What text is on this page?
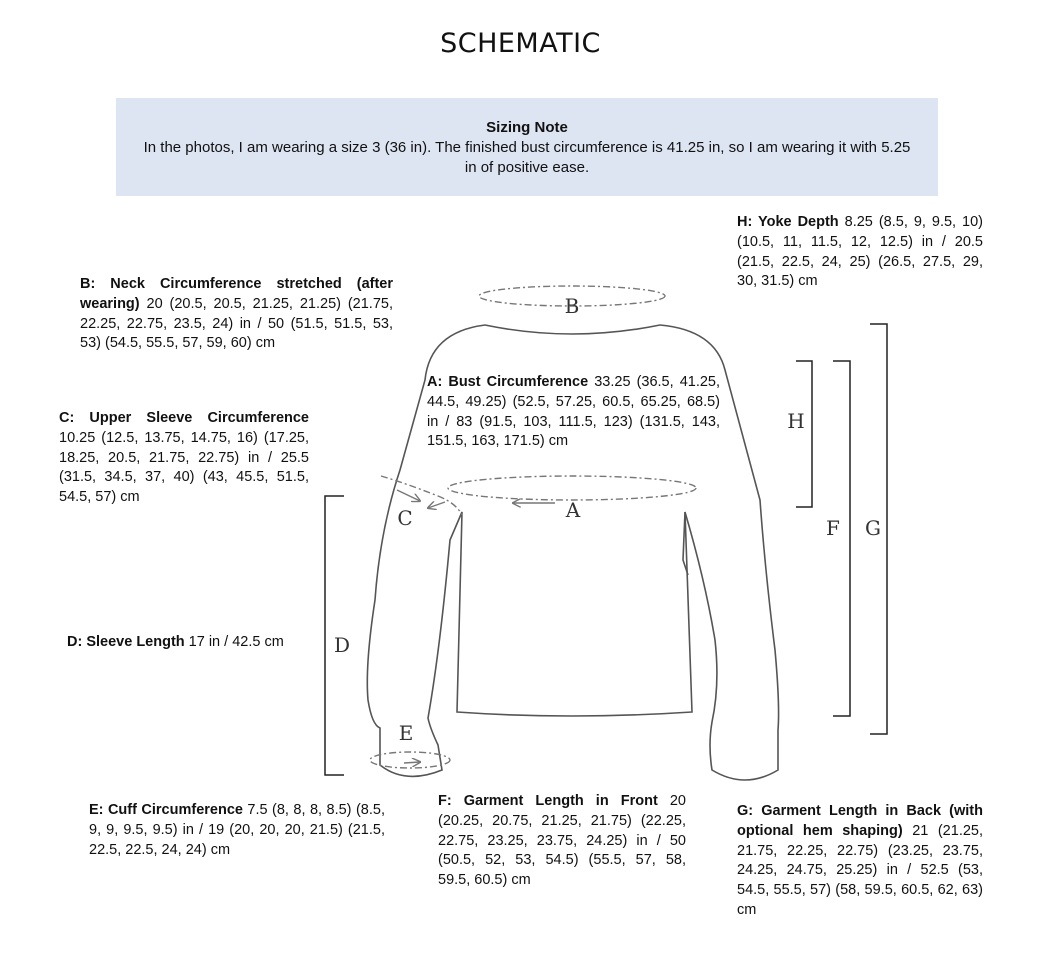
SCHEMATIC
Sizing Note
In the photos, I am wearing a size 3 (36 in). The finished bust circumference is 41.25 in, so I am wearing it with 5.25 in of positive ease.
B
A
C
D
E
H
F G
B: Neck Circumference stretched (after wearing) 20 (20.5, 20.5, 21.25, 21.25) (21.75, 22.25, 22.75, 23.5, 24) in / 50 (51.5, 51.5, 53, 53) (54.5, 55.5, 57, 59, 60) cm
C: Upper Sleeve Circumference 10.25 (12.5, 13.75, 14.75, 16) (17.25, 18.25, 20.5, 21.75, 22.75) in / 25.5 (31.5, 34.5, 37, 40) (43, 45.5, 51.5, 54.5, 57) cm
D: Sleeve Length 17 in / 42.5 cm
A: Bust Circumference 33.25 (36.5, 41.25, 44.5, 49.25) (52.5, 57.25, 60.5, 65.25, 68.5) in / 83 (91.5, 103, 111.5, 123) (131.5, 143, 151.5, 163, 171.5) cm
H: Yoke Depth 8.25 (8.5, 9, 9.5, 10) (10.5, 11, 11.5, 12, 12.5) in / 20.5 (21.5, 22.5, 24, 25) (26.5, 27.5, 29, 30, 31.5) cm
E: Cuff Circumference 7.5 (8, 8, 8, 8.5) (8.5, 9, 9, 9.5, 9.5) in / 19 (20, 20, 20, 21.5) (21.5, 22.5, 22.5, 24, 24) cm
F: Garment Length in Front 20 (20.25, 20.75, 21.25, 21.75) (22.25, 22.75, 23.25, 23.75, 24.25) in / 50 (50.5, 52, 53, 54.5) (55.5, 57, 58, 59.5, 60.5) cm
G: Garment Length in Back (with optional hem shaping) 21 (21.25, 21.75, 22.25, 22.75) (23.25, 23.75, 24.25, 24.75, 25.25) in / 52.5 (53, 54.5, 55.5, 57) (58, 59.5, 60.5, 62, 63) cm
